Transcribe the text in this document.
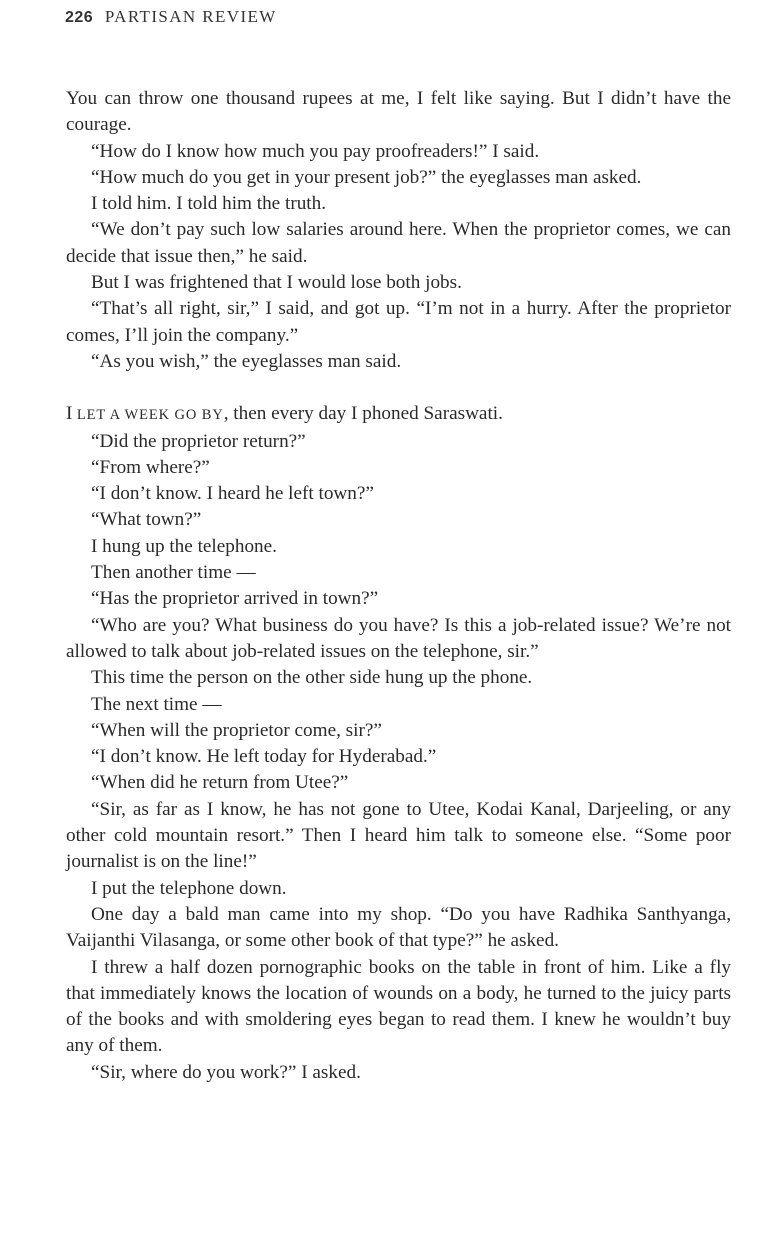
226 PARTISAN REVIEW

You can throw one thousand rupees at me, I felt like saying. But I didn’t have the courage.

“How do I know how much you pay proofreaders!” I said.

“How much do you get in your present job?” the eyeglasses man asked.

I told him. I told him the truth.

“We don’t pay such low salaries around here. When the proprietor comes, we can decide that issue then,” he said.

But I was frightened that I would lose both jobs.

“That’s all right, sir,” I said, and got up. “I’m not in a hurry. After the proprietor comes, I’ll join the company.”

“As you wish,” the eyeglasses man said.

I LET A WEEK GO BY, then every day I phoned Saraswati.

“Did the proprietor return?”

“From where?”

“I don’t know. I heard he left town?”

“What town?”

I hung up the telephone.

Then another time —

“Has the proprietor arrived in town?”

“Who are you? What business do you have? Is this a job-related issue? We’re not allowed to talk about job-related issues on the telephone, sir.”

This time the person on the other side hung up the phone.

The next time —

“When will the proprietor come, sir?”

“I don’t know. He left today for Hyderabad.”

“When did he return from Utee?”

“Sir, as far as I know, he has not gone to Utee, Kodai Kanal, Darjeeling, or any other cold mountain resort.” Then I heard him talk to someone else. “Some poor journalist is on the line!”

I put the telephone down.

One day a bald man came into my shop. “Do you have Radhika Santhyanga, Vaijanthi Vilasanga, or some other book of that type?” he asked.

I threw a half dozen pornographic books on the table in front of him. Like a fly that immediately knows the location of wounds on a body, he turned to the juicy parts of the books and with smoldering eyes began to read them. I knew he wouldn’t buy any of them.

“Sir, where do you work?” I asked.
